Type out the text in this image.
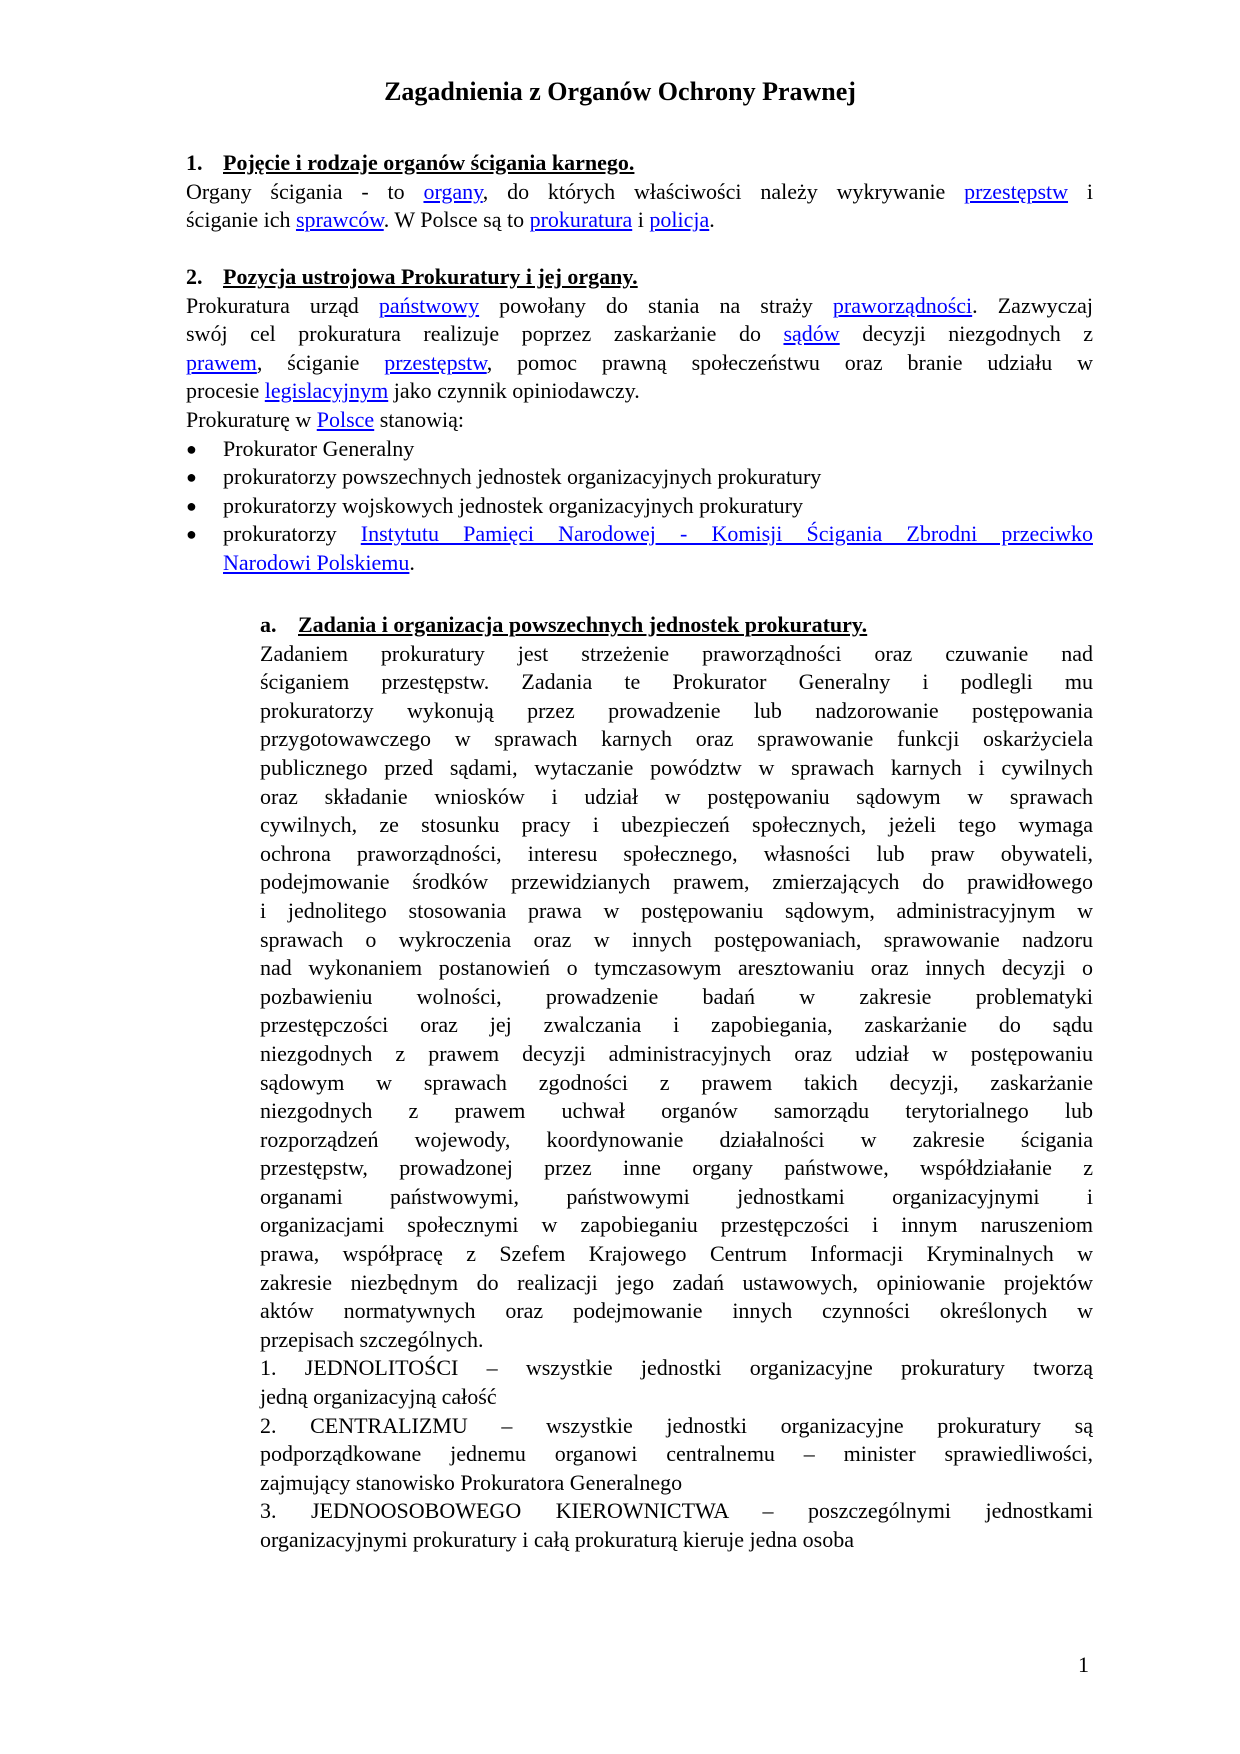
Zagadnienia z Organów Ochrony Prawnej
1. Pojęcie i rodzaje organów ścigania karnego.
Organy ścigania - to organy, do których właściwości należy wykrywanie przestępstw i
ściganie ich sprawców. W Polsce są to prokuratura i policja.
2. Pozycja ustrojowa Prokuratury i jej organy.
Prokuratura urząd państwowy powołany do stania na straży praworządności. Zazwyczaj
swój cel prokuratura realizuje poprzez zaskarżanie do sądów decyzji niezgodnych z
prawem, ściganie przestępstw, pomoc prawną społeczeństwu oraz branie udziału w
procesie legislacyjnym jako czynnik opiniodawczy.
Prokuraturę w Polsce stanowią:
●	Prokurator Generalny
●	prokuratorzy powszechnych jednostek organizacyjnych prokuratury
●	prokuratorzy wojskowych jednostek organizacyjnych prokuratury
●	prokuratorzy Instytutu Pamięci Narodowej - Komisji Ścigania Zbrodni przeciwko
Narodowi Polskiemu.
a. Zadania i organizacja powszechnych jednostek prokuratury.
Zadaniem prokuratury jest strzeżenie praworządności oraz czuwanie nad
ściganiem przestępstw. Zadania te Prokurator Generalny i podlegli mu
prokuratorzy wykonują przez prowadzenie lub nadzorowanie postępowania
przygotowawczego w sprawach karnych oraz sprawowanie funkcji oskarżyciela
publicznego przed sądami, wytaczanie powództw w sprawach karnych i cywilnych
oraz składanie wniosków i udział w postępowaniu sądowym w sprawach
cywilnych, ze stosunku pracy i ubezpieczeń społecznych, jeżeli tego wymaga
ochrona praworządności, interesu społecznego, własności lub praw obywateli,
podejmowanie środków przewidzianych prawem, zmierzających do prawidłowego
i jednolitego stosowania prawa w postępowaniu sądowym, administracyjnym w
sprawach o wykroczenia oraz w innych postępowaniach, sprawowanie nadzoru
nad wykonaniem postanowień o tymczasowym aresztowaniu oraz innych decyzji o
pozbawieniu wolności, prowadzenie badań w zakresie problematyki
przestępczości oraz jej zwalczania i zapobiegania, zaskarżanie do sądu
niezgodnych z prawem decyzji administracyjnych oraz udział w postępowaniu
sądowym w sprawach zgodności z prawem takich decyzji, zaskarżanie
niezgodnych z prawem uchwał organów samorządu terytorialnego lub
rozporządzeń wojewody, koordynowanie działalności w zakresie ścigania
przestępstw, prowadzonej przez inne organy państwowe, współdziałanie z
organami państwowymi, państwowymi jednostkami organizacyjnymi i
organizacjami społecznymi w zapobieganiu przestępczości i innym naruszeniom
prawa, współpracę z Szefem Krajowego Centrum Informacji Kryminalnych w
zakresie niezbędnym do realizacji jego zadań ustawowych, opiniowanie projektów
aktów normatywnych oraz podejmowanie innych czynności określonych w
przepisach szczególnych.
1. JEDNOLITOŚCI – wszystkie jednostki organizacyjne prokuratury tworzą
jedną organizacyjną całość
2. CENTRALIZMU – wszystkie jednostki organizacyjne prokuratury są
podporządkowane jednemu organowi centralnemu – minister sprawiedliwości,
zajmujący stanowisko Prokuratora Generalnego
3. JEDNOOSOBOWEGO KIEROWNICTWA – poszczególnymi jednostkami
organizacyjnymi prokuratury i całą prokuraturą kieruje jedna osoba
1
